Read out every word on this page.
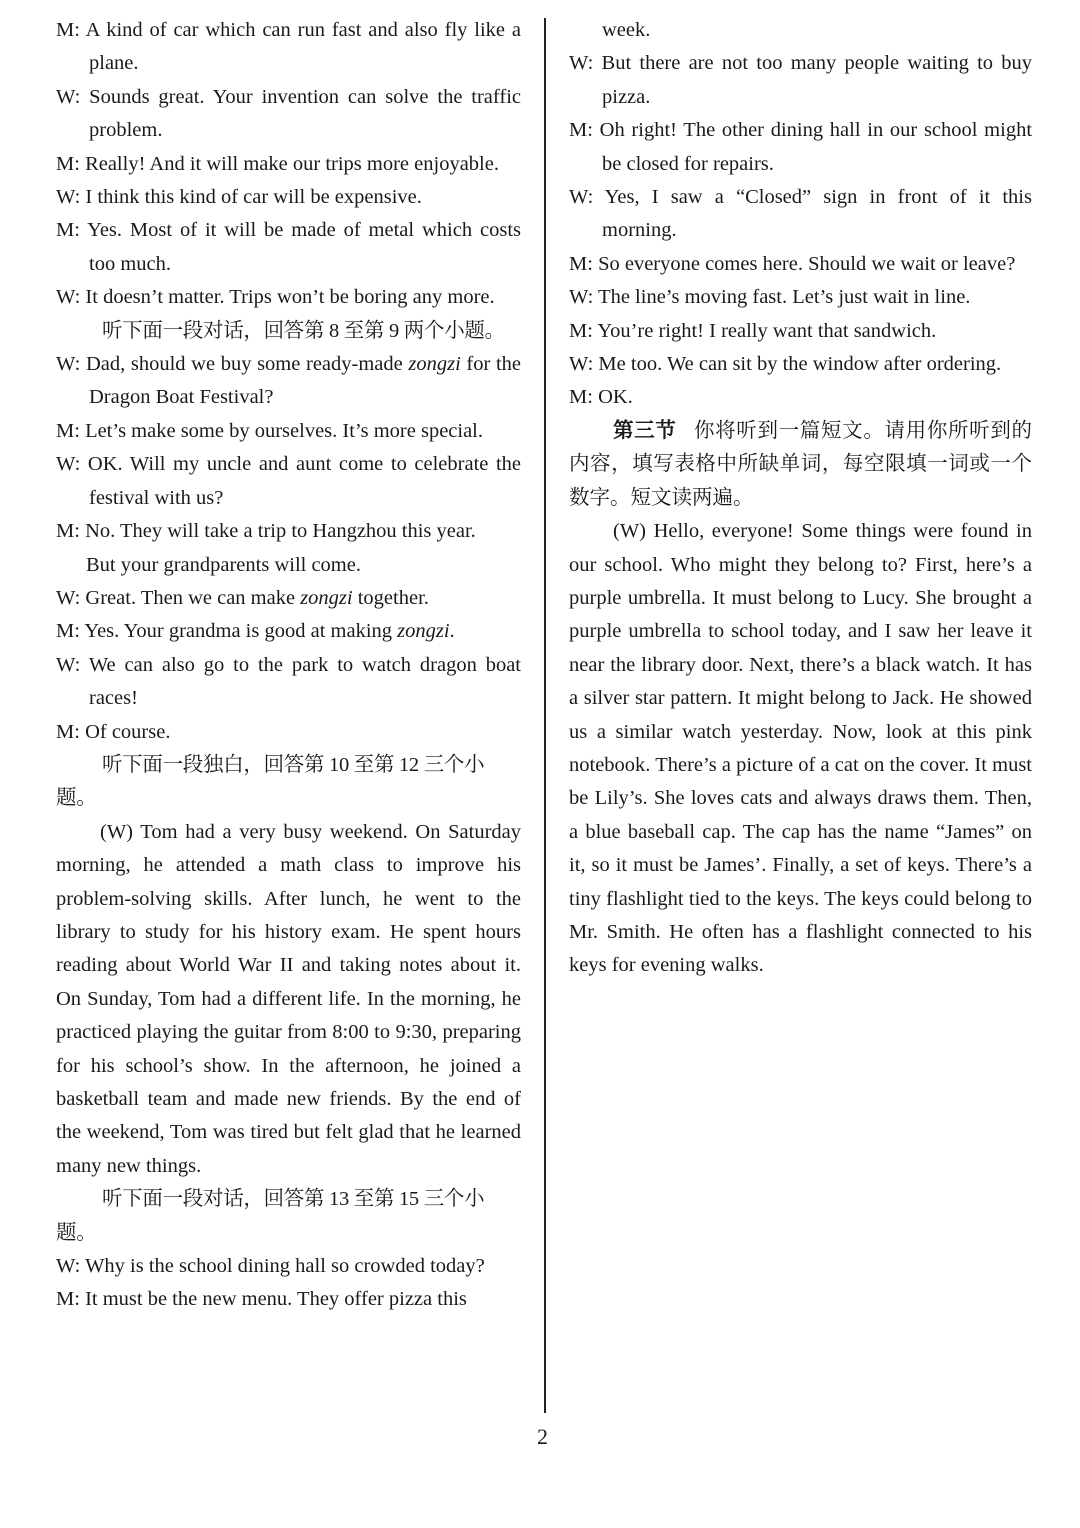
M: A kind of car which can run fast and also fly like a plane.

W: Sounds great. Your invention can solve the traffic problem.

M: Really! And it will make our trips more enjoyable.

W: I think this kind of car will be expensive.

M: Yes. Most of it will be made of metal which costs too much.

W: It doesn’t matter. Trips won’t be boring any more.

听下面一段对话，回答第 8 至第 9 两个小题。

W: Dad, should we buy some ready-made zongzi for the Dragon Boat Festival?

M: Let’s make some by ourselves. It’s more special.

W: OK. Will my uncle and aunt come to celebrate the festival with us?

M: No. They will take a trip to Hangzhou this year.

But your grandparents will come.

W: Great. Then we can make zongzi together.

M: Yes. Your grandma is good at making zongzi.

W: We can also go to the park to watch dragon boat races!

M: Of course.

听下面一段独白，回答第 10 至第 12 三个小题。

(W) Tom had a very busy weekend. On Saturday morning, he attended a math class to improve his problem-solving skills. After lunch, he went to the library to study for his history exam. He spent hours reading about World War II and taking notes about it. On Sunday, Tom had a different life. In the morning, he practiced playing the guitar from 8:00 to 9:30, preparing for his school’s show. In the afternoon, he joined a basketball team and made new friends. By the end of the weekend, Tom was tired but felt glad that he learned many new things.

听下面一段对话，回答第 13 至第 15 三个小题。

W: Why is the school dining hall so crowded today?

M: It must be the new menu. They offer pizza this

week.

W: But there are not too many people waiting to buy pizza.

M: Oh right! The other dining hall in our school might be closed for repairs.

W: Yes, I saw a “Closed” sign in front of it this morning.

M: So everyone comes here. Should we wait or leave?

W: The line’s moving fast. Let’s just wait in line.

M: You’re right! I really want that sandwich.

W: Me too. We can sit by the window after ordering.

M: OK.

第三节 你将听到一篇短文。请用你所听到的内容，填写表格中所缺单词，每空限填一词或一个数字。短文读两遍。

(W) Hello, everyone! Some things were found in our school. Who might they belong to? First, here’s a purple umbrella. It must belong to Lucy. She brought a purple umbrella to school today, and I saw her leave it near the library door. Next, there’s a black watch. It has a silver star pattern. It might belong to Jack. He showed us a similar watch yesterday. Now, look at this pink notebook. There’s a picture of a cat on the cover. It must be Lily’s. She loves cats and always draws them. Then, a blue baseball cap. The cap has the name “James” on it, so it must be James’. Finally, a set of keys. There’s a tiny flashlight tied to the keys. The keys could belong to Mr. Smith. He often has a flashlight connected to his keys for evening walks.

2
